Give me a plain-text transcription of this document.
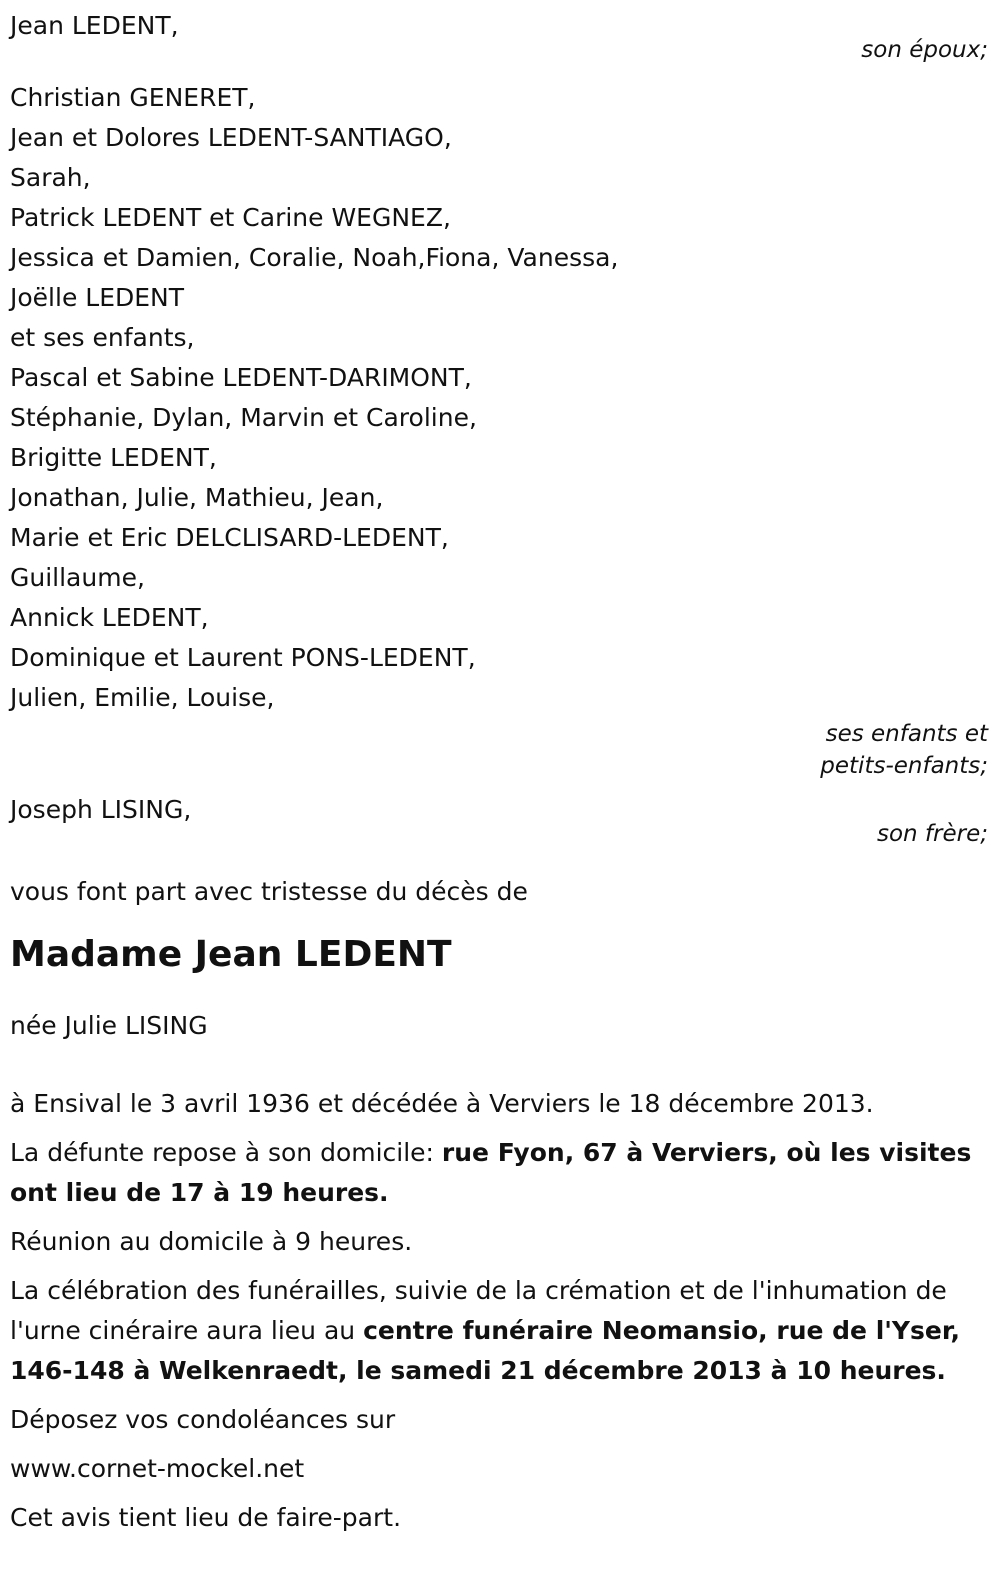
Jean LEDENT,
son époux;
Christian GENERET,
Jean et Dolores LEDENT-SANTIAGO,
Sarah,
Patrick LEDENT et Carine WEGNEZ,
Jessica et Damien, Coralie, Noah,Fiona, Vanessa,
Joëlle LEDENT
et ses enfants,
Pascal et Sabine LEDENT-DARIMONT,
Stéphanie, Dylan, Marvin et Caroline,
Brigitte LEDENT,
Jonathan, Julie, Mathieu, Jean,
Marie et Eric DELCLISARD-LEDENT,
Guillaume,
Annick LEDENT,
Dominique et Laurent PONS-LEDENT,
Julien, Emilie, Louise,
ses enfants et
petits-enfants;
Joseph LISING,
son frère;
vous font part avec tristesse du décès de
Madame Jean LEDENT
née Julie LISING
à Ensival le 3 avril 1936 et décédée à Verviers le 18 décembre 2013.
La défunte repose à son domicile: rue Fyon, 67 à Verviers, où les visites ont lieu de 17 à 19 heures.
Réunion au domicile à 9 heures.
La célébration des funérailles, suivie de la crémation et de l'inhumation de l'urne cinéraire aura lieu au centre funéraire Neomansio, rue de l'Yser, 146-148 à Welkenraedt, le samedi 21 décembre 2013 à 10 heures.
Déposez vos condoléances sur
www.cornet-mockel.net
Cet avis tient lieu de faire-part.
